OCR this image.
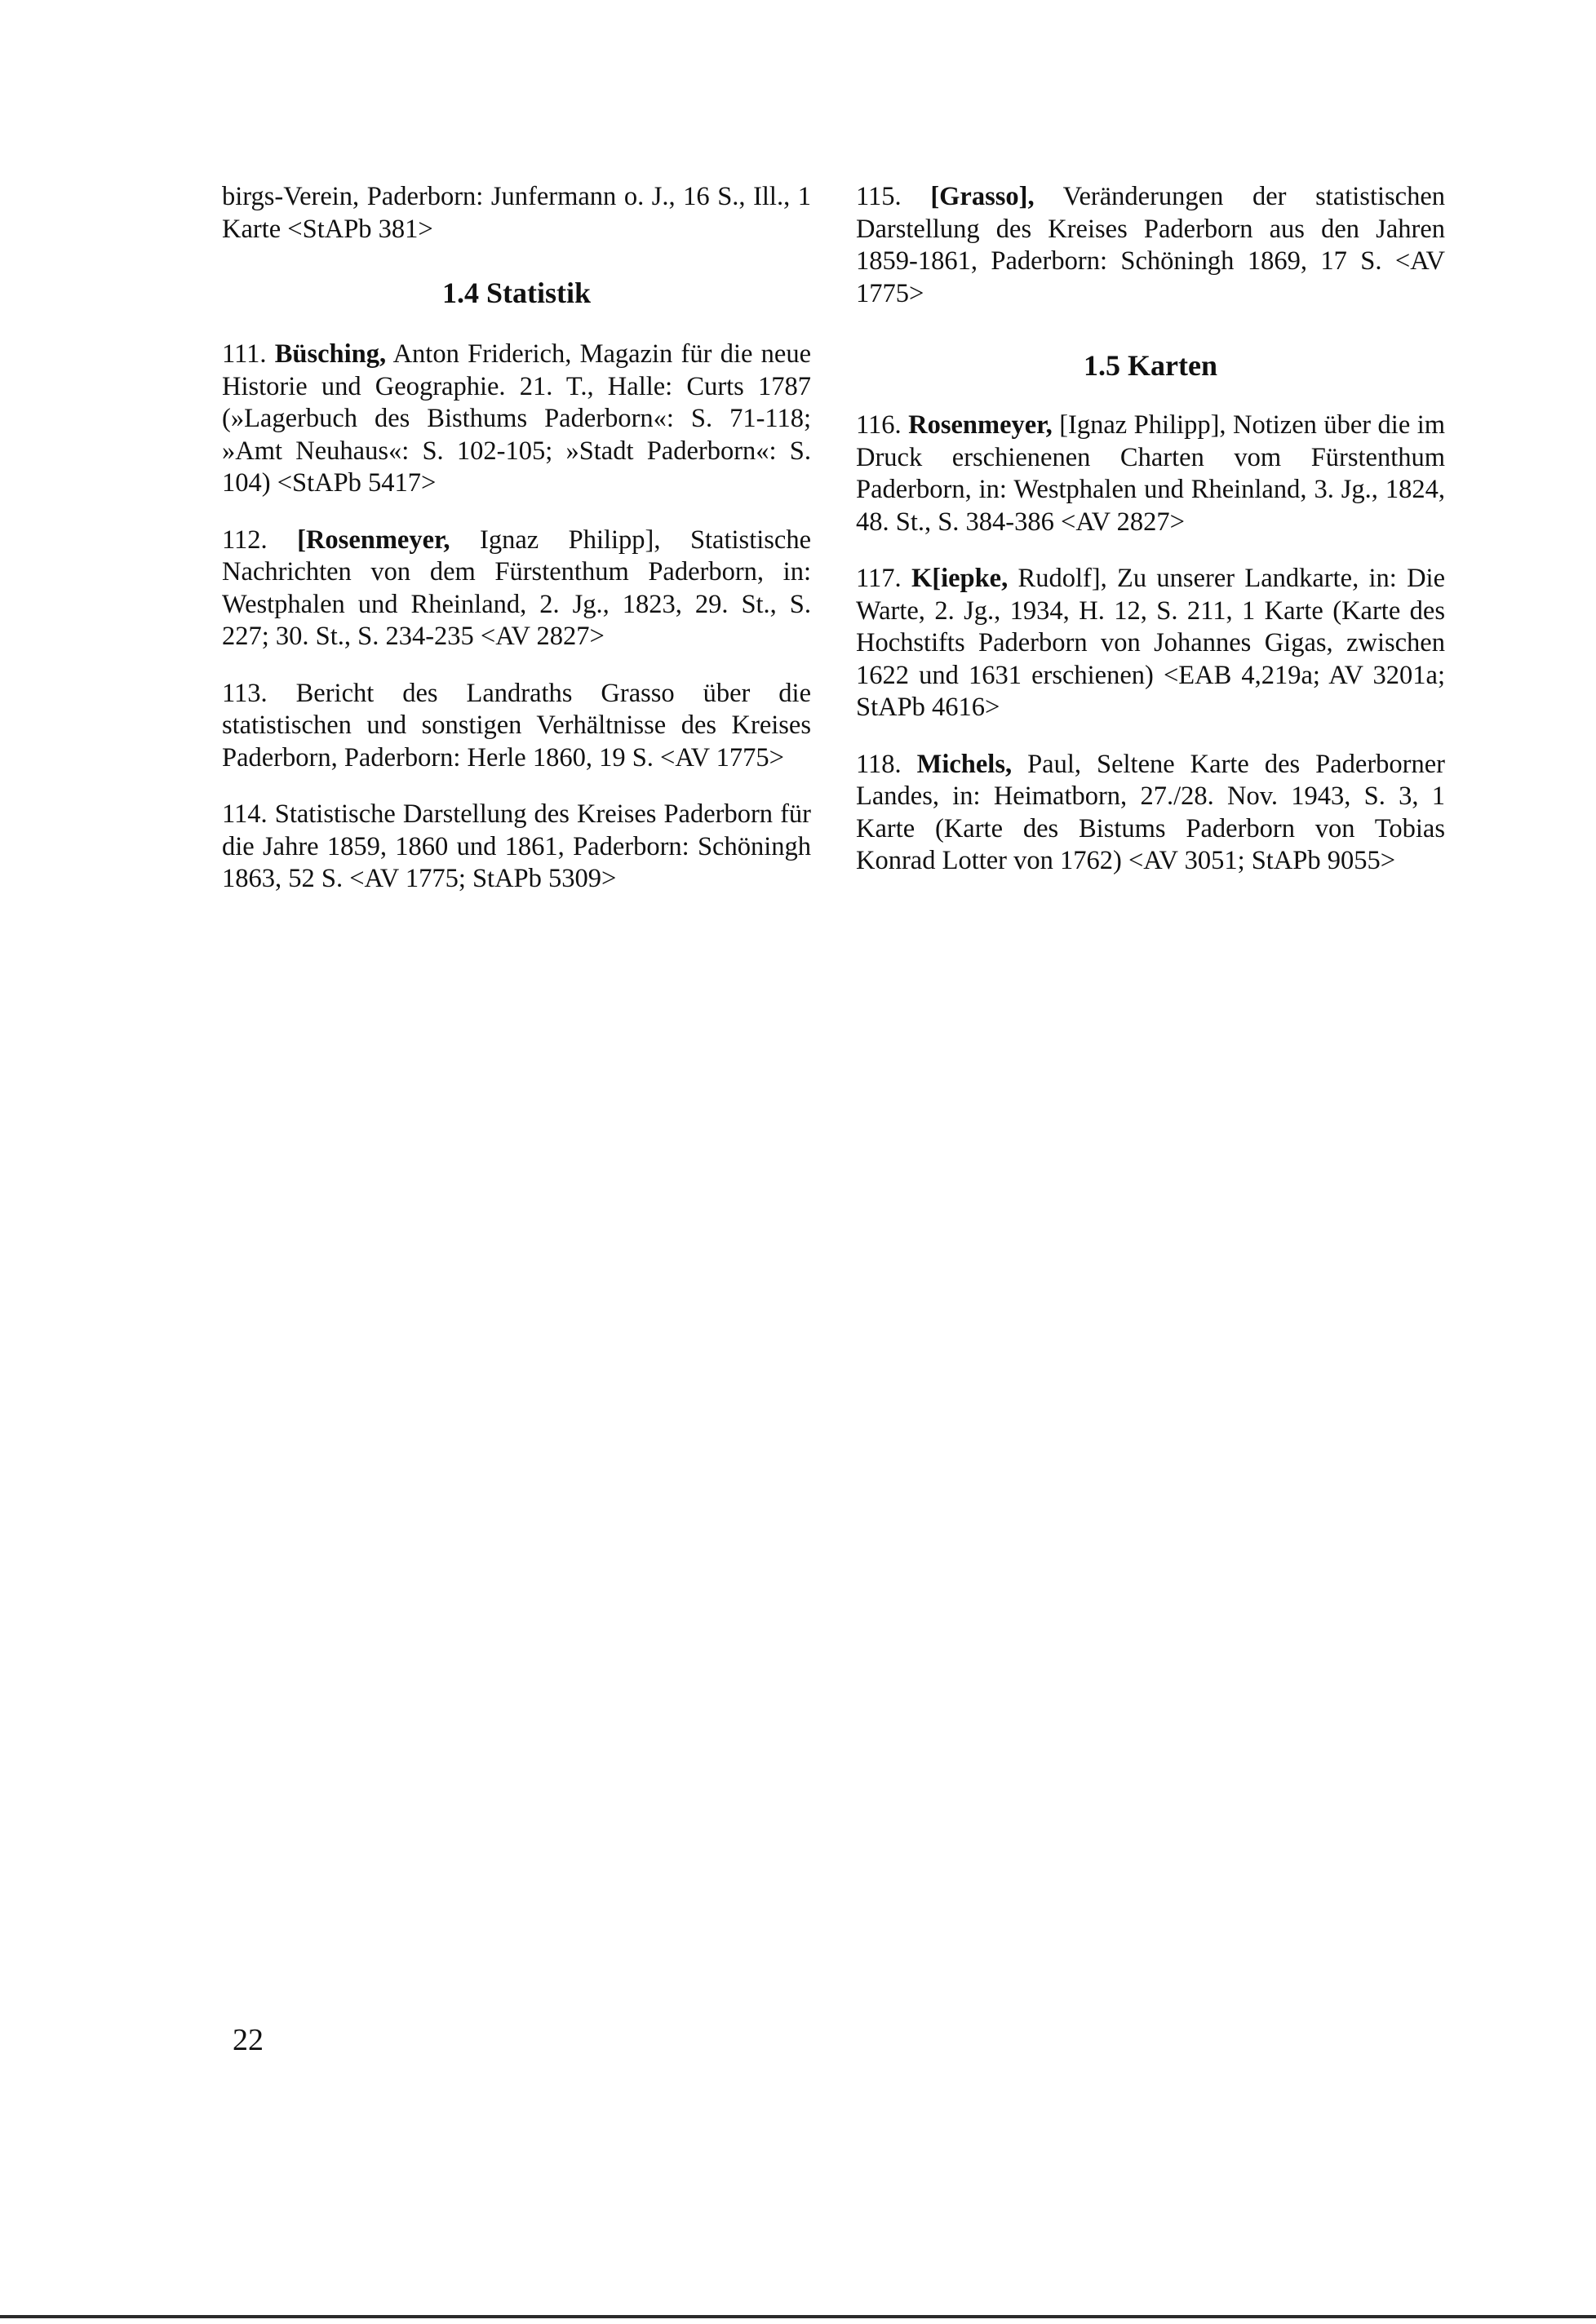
birgs-Verein, Paderborn: Junfermann o. J., 16 S., Ill., 1 Karte <StAPb 381>

1.4 Statistik

111. Büsching, Anton Friderich, Magazin für die neue Historie und Geographie. 21. T., Halle: Curts 1787 (»Lagerbuch des Bisthums Paderborn«: S. 71-118; »Amt Neuhaus«: S. 102-105; »Stadt Paderborn«: S. 104) <StAPb 5417>

112. [Rosenmeyer, Ignaz Philipp], Statistische Nachrichten von dem Fürstenthum Paderborn, in: Westphalen und Rheinland, 2. Jg., 1823, 29. St., S. 227; 30. St., S. 234-235 <AV 2827>

113. Bericht des Landraths Grasso über die statistischen und sonstigen Verhältnisse des Kreises Paderborn, Paderborn: Herle 1860, 19 S. <AV 1775>

114. Statistische Darstellung des Kreises Paderborn für die Jahre 1859, 1860 und 1861, Paderborn: Schöningh 1863, 52 S. <AV 1775; StAPb 5309>

115. [Grasso], Veränderungen der statistischen Darstellung des Kreises Paderborn aus den Jahren 1859-1861, Paderborn: Schöningh 1869, 17 S. <AV 1775>

1.5 Karten

116. Rosenmeyer, [Ignaz Philipp], Notizen über die im Druck erschienenen Charten vom Fürstenthum Paderborn, in: Westphalen und Rheinland, 3. Jg., 1824, 48. St., S. 384-386 <AV 2827>

117. K[iepke, Rudolf], Zu unserer Landkarte, in: Die Warte, 2. Jg., 1934, H. 12, S. 211, 1 Karte (Karte des Hochstifts Paderborn von Johannes Gigas, zwischen 1622 und 1631 erschienen) <EAB 4,219a; AV 3201a; StAPb 4616>

118. Michels, Paul, Seltene Karte des Paderborner Landes, in: Heimatborn, 27./28. Nov. 1943, S. 3, 1 Karte (Karte des Bistums Paderborn von Tobias Konrad Lotter von 1762) <AV 3051; StAPb 9055>

22
